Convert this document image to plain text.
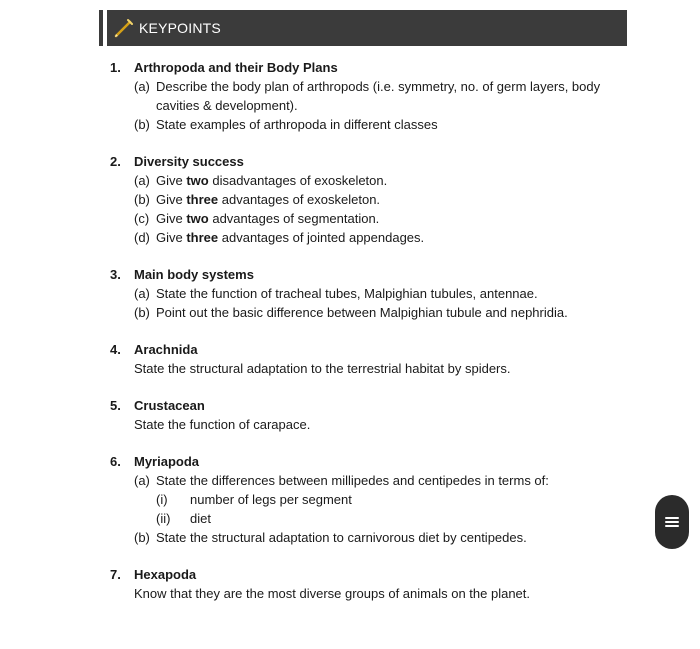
KEYPOINTS
1.	Arthropoda and their Body Plans
(a) Describe the body plan of arthropods (i.e. symmetry, no. of germ layers, body cavities & development).
(b) State examples of arthropoda in different classes
2.	Diversity success
(a) Give two disadvantages of exoskeleton.
(b) Give three advantages of exoskeleton.
(c) Give two advantages of segmentation.
(d) Give three advantages of jointed appendages.
3.	Main body systems
(a) State the function of tracheal tubes, Malpighian tubules, antennae.
(b) Point out the basic difference between Malpighian tubule and nephridia.
4.	Arachnida
State the structural adaptation to the terrestrial habitat by spiders.
5.	Crustacean
State the function of carapace.
6.	Myriapoda
(a) State the differences between millipedes and centipedes in terms of:
(i)	number of legs per segment
(ii)	diet
(b) State the structural adaptation to carnivorous diet by centipedes.
7.	Hexapoda
Know that they are the most diverse groups of animals on the planet.
